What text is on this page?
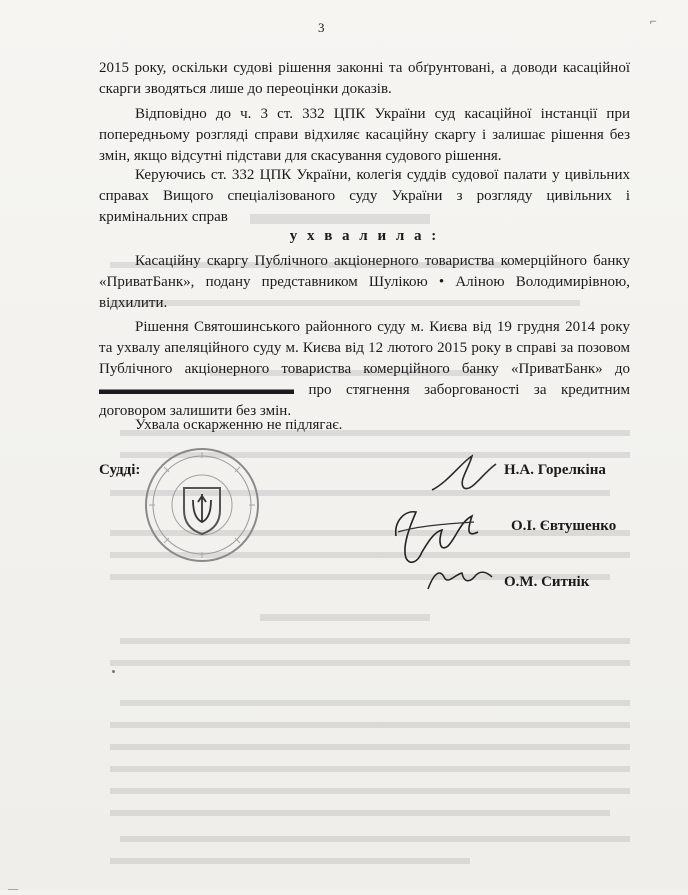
3	⌐
2015 року, оскільки судові рішення законні та обґрунтовані, а доводи касаційної скарги зводяться лише до переоцінки доказів.
Відповідно до ч. 3 ст. 332 ЦПК України суд касаційної інстанції при попередньому розгляді справи відхиляє касаційну скаргу і залишає рішення без змін, якщо відсутні підстави для скасування судового рішення.
Керуючись ст. 332 ЦПК України, колегія суддів судової палати у цивільних справах Вищого спеціалізованого суду України з розгляду цивільних і кримінальних справ
у х в а л и л а :
Касаційну скаргу Публічного акціонерного товариства комерційного банку «ПриватБанк», подану представником Шулікою • Аліною Володимирівною, відхилити.
Рішення Святошинського районного суду м. Києва від 19 грудня 2014 року та ухвалу апеляційного суду м. Києва від 12 лютого 2015 року в справі за позовом Публічного акціонерного товариства комерційного банку «ПриватБанк» до ▬▬▬▬▬▬▬▬▬▬▬▬▬ про стягнення заборгованості за кредитним договором залишити без змін.
Ухвала оскарженню не підлягає.
Судді:	Н.А. Горелкіна
О.І. Євтушенко
О.М. Ситнік
—
